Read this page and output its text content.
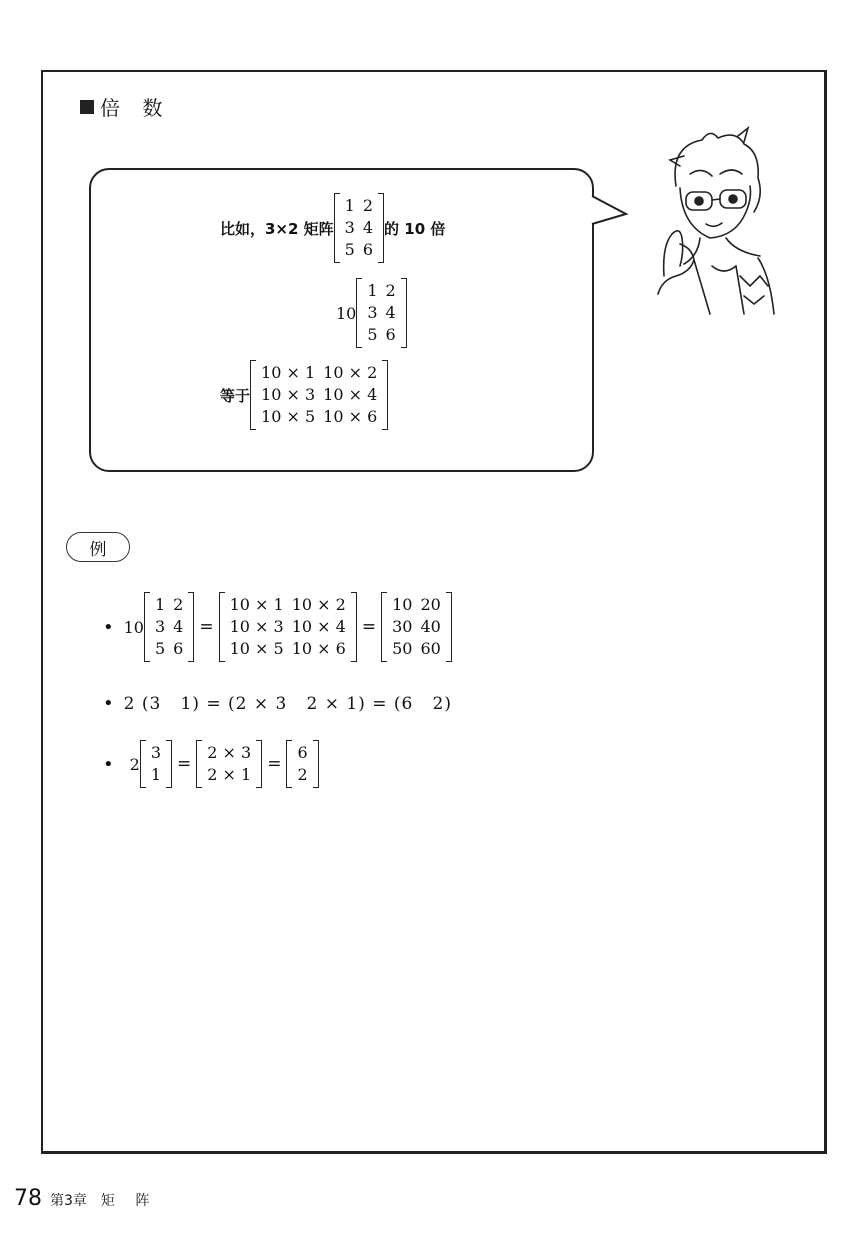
倍 数
比如，3×2 矩阵
1	2
3	4
5	6
的 10 倍
10
1	2
3	4
5	6
等于
10 × 1	10 × 2
10 × 3	10 × 4
10 × 5	10 × 6
例
• 10
1	2
3	4
5	6
=
10 × 1	10 × 2
10 × 3	10 × 4
10 × 5	10 × 6
=
10	20
30	40
50	60
• 2 (3   1) = (2 × 3   2 × 1) = (6   2)
• 2
3
1
=
2 × 3
2 × 1
=
6
2
78 第3章 矩 阵
